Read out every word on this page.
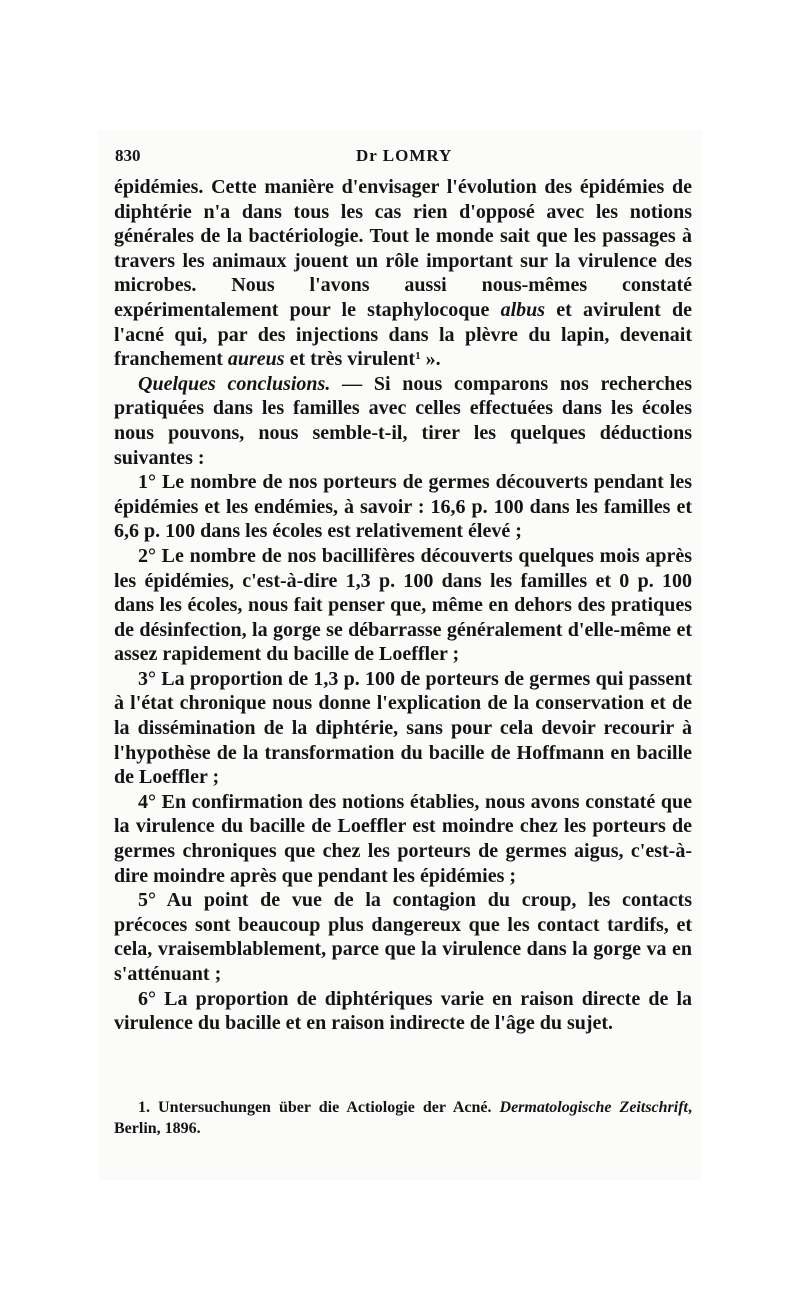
830	Dr LOMRY

épidémies. Cette manière d'envisager l'évolution des épidémies de diphtérie n'a dans tous les cas rien d'opposé avec les notions générales de la bactériologie. Tout le monde sait que les passages à travers les animaux jouent un rôle important sur la virulence des microbes. Nous l'avons aussi nous-mêmes constaté expérimentalement pour le staphylocoque albus et avirulent de l'acné qui, par des injections dans la plèvre du lapin, devenait franchement aureus et très virulent$^1$ ».

Quelques conclusions. — Si nous comparons nos recherches pratiquées dans les familles avec celles effectuées dans les écoles nous pouvons, nous semble-t-il, tirer les quelques déductions suivantes :

1° Le nombre de nos porteurs de germes découverts pendant les épidémies et les endémies, à savoir : 16,6 p. 100 dans les familles et 6,6 p. 100 dans les écoles est relativement élevé ;

2° Le nombre de nos bacillifères découverts quelques mois après les épidémies, c'est-à-dire 1,3 p. 100 dans les familles et 0 p. 100 dans les écoles, nous fait penser que, même en dehors des pratiques de désinfection, la gorge se débarrasse généralement d'elle-même et assez rapidement du bacille de Loeffler ;

3° La proportion de 1,3 p. 100 de porteurs de germes qui passent à l'état chronique nous donne l'explication de la conservation et de la dissémination de la diphtérie, sans pour cela devoir recourir à l'hypothèse de la transformation du bacille de Hoffmann en bacille de Loeffler ;

4° En confirmation des notions établies, nous avons constaté que la virulence du bacille de Loeffler est moindre chez les porteurs de germes chroniques que chez les porteurs de germes aigus, c'est-à-dire moindre après que pendant les épidémies ;

5° Au point de vue de la contagion du croup, les contacts précoces sont beaucoup plus dangereux que les contact tardifs, et cela, vraisemblablement, parce que la virulence dans la gorge va en s'atténuant ;

6° La proportion de diphtériques varie en raison directe de la virulence du bacille et en raison indirecte de l'âge du sujet.

1. Untersuchungen über die Actiologie der Acné. Dermatologische Zeitschrift, Berlin, 1896.
